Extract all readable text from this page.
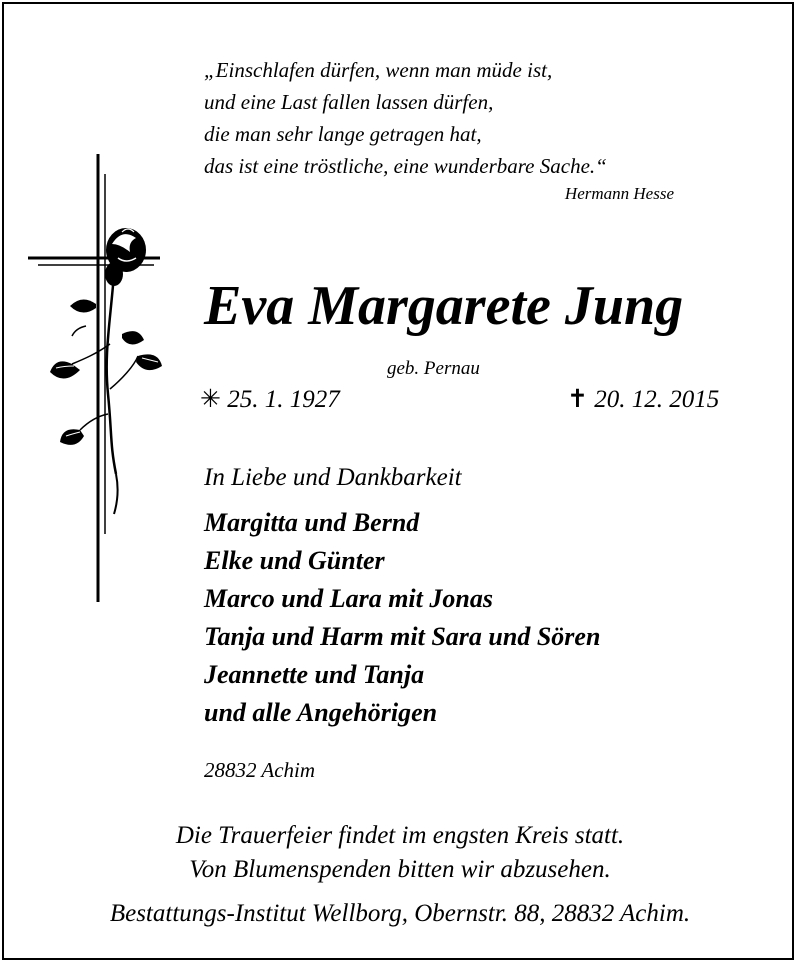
„Einschlafen dürfen, wenn man müde ist,
und eine Last fallen lassen dürfen,
die man sehr lange getragen hat,
das ist eine tröstliche, eine wunderbare Sache.“
Hermann Hesse
Eva Margarete Jung
geb. Pernau
✳ 25. 1. 1927	✝ 20. 12. 2015
In Liebe und Dankbarkeit
Margitta und Bernd
Elke und Günter
Marco und Lara mit Jonas
Tanja und Harm mit Sara und Sören
Jeannette und Tanja
und alle Angehörigen
28832 Achim
Die Trauerfeier findet im engsten Kreis statt.
Von Blumenspenden bitten wir abzusehen.
Bestattungs-Institut Wellborg, Obernstr. 88, 28832 Achim.
